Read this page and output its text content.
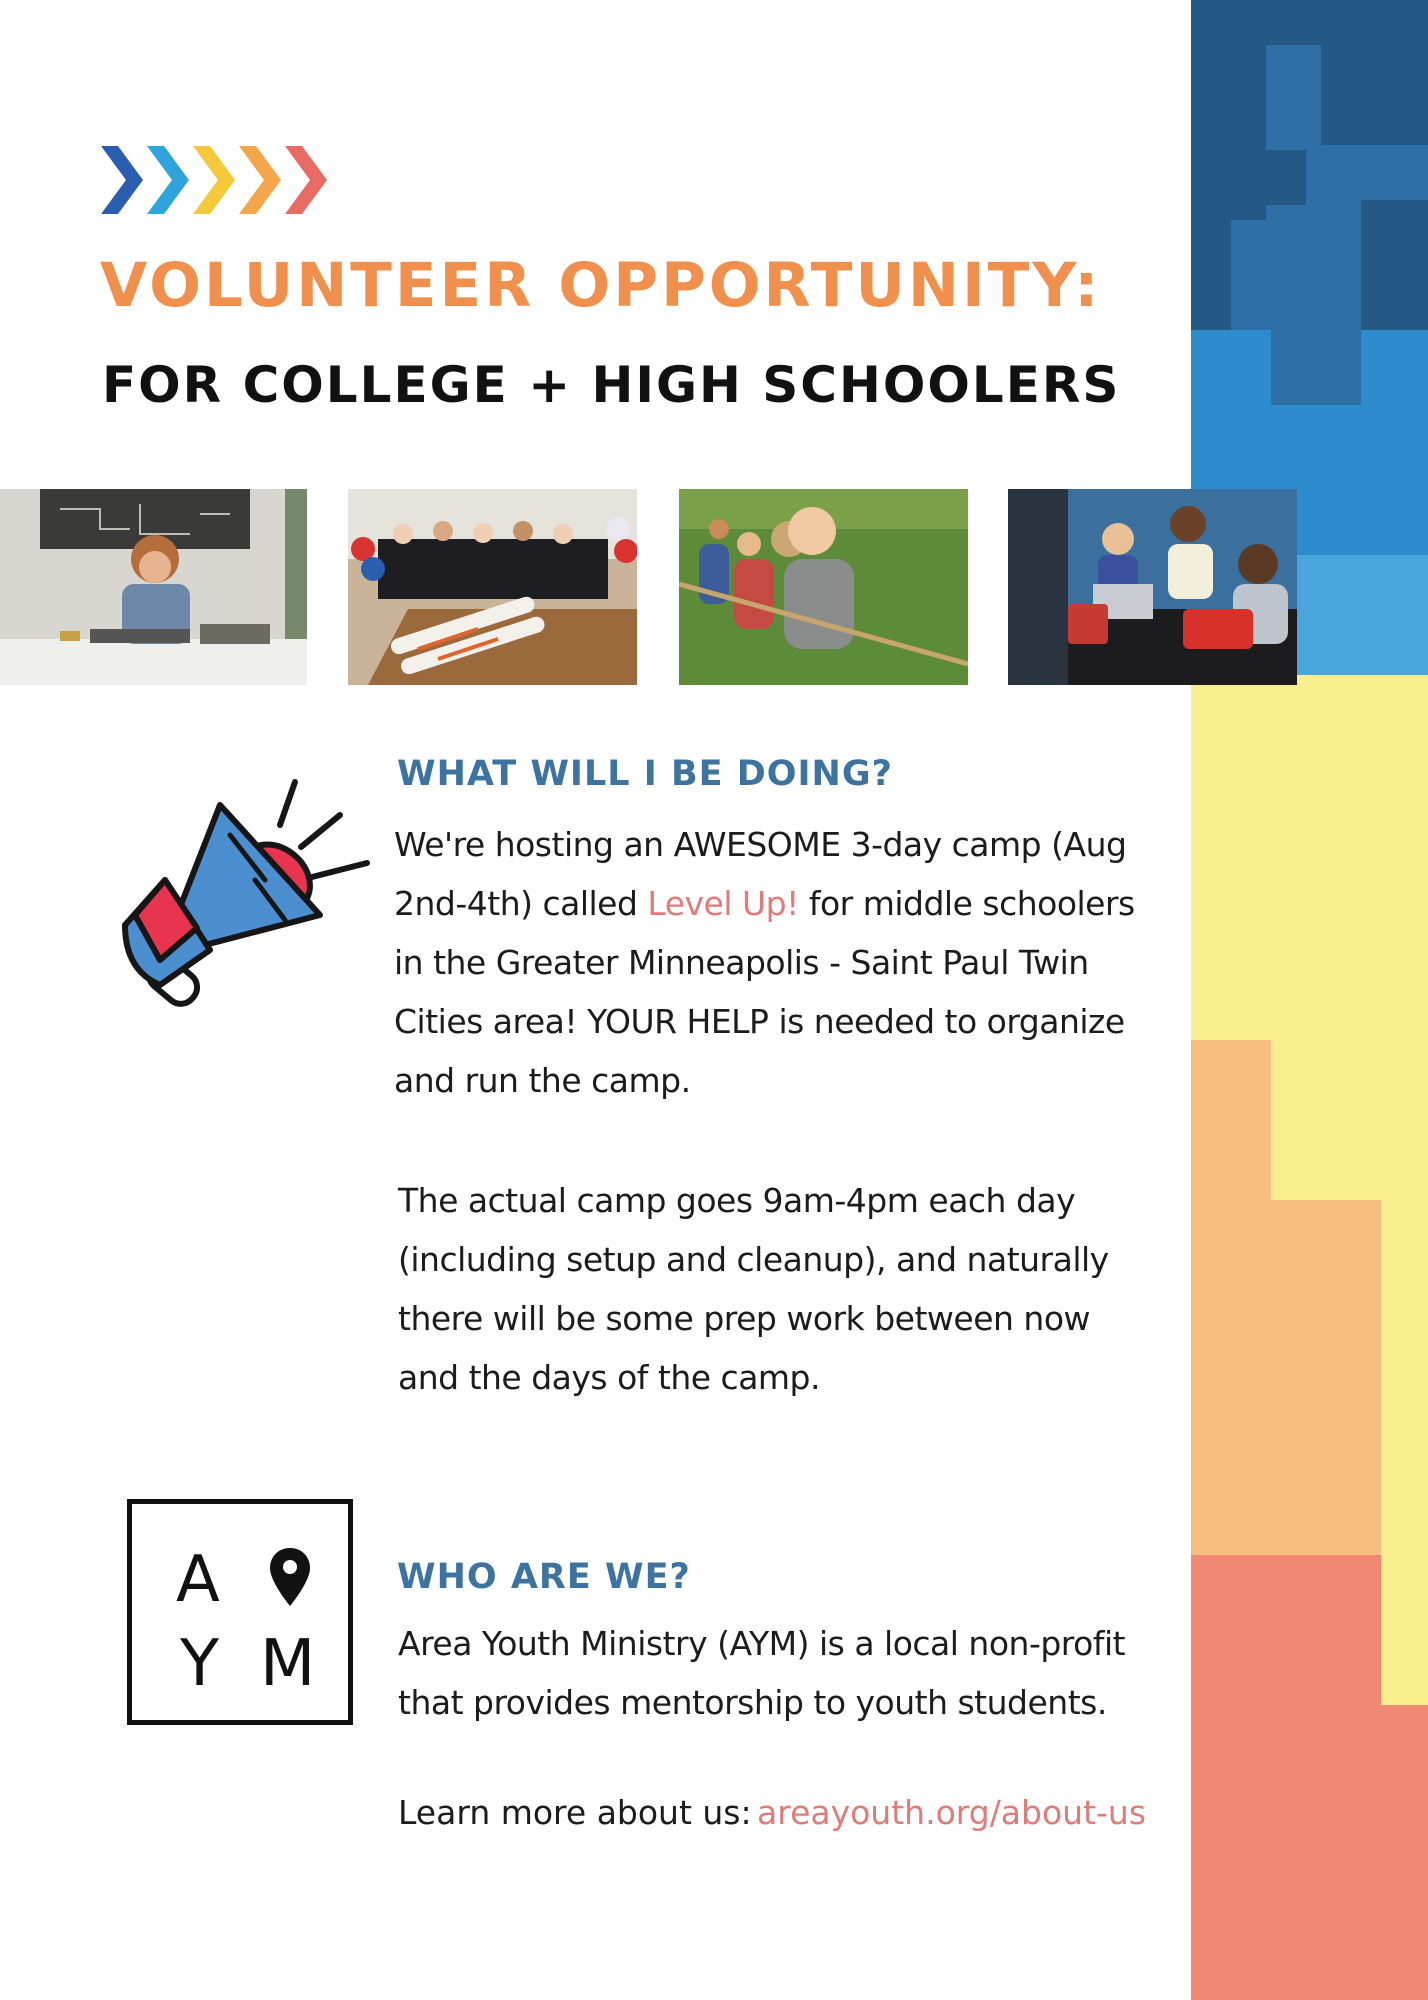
VOLUNTEER OPPORTUNITY:
FOR COLLEGE + HIGH SCHOOLERS
WHAT WILL I BE DOING?
We're hosting an AWESOME 3-day camp (Aug 2nd-4th) called Level Up! for middle schoolers in the Greater Minneapolis - Saint Paul Twin Cities area! YOUR HELP is needed to organize and run the camp.
The actual camp goes 9am-4pm each day (including setup and cleanup), and naturally there will be some prep work between now and the days of the camp.
A
Y M
WHO ARE WE?
Area Youth Ministry (AYM) is a local non-profit that provides mentorship to youth students.
Learn more about us: areayouth.org/about-us
